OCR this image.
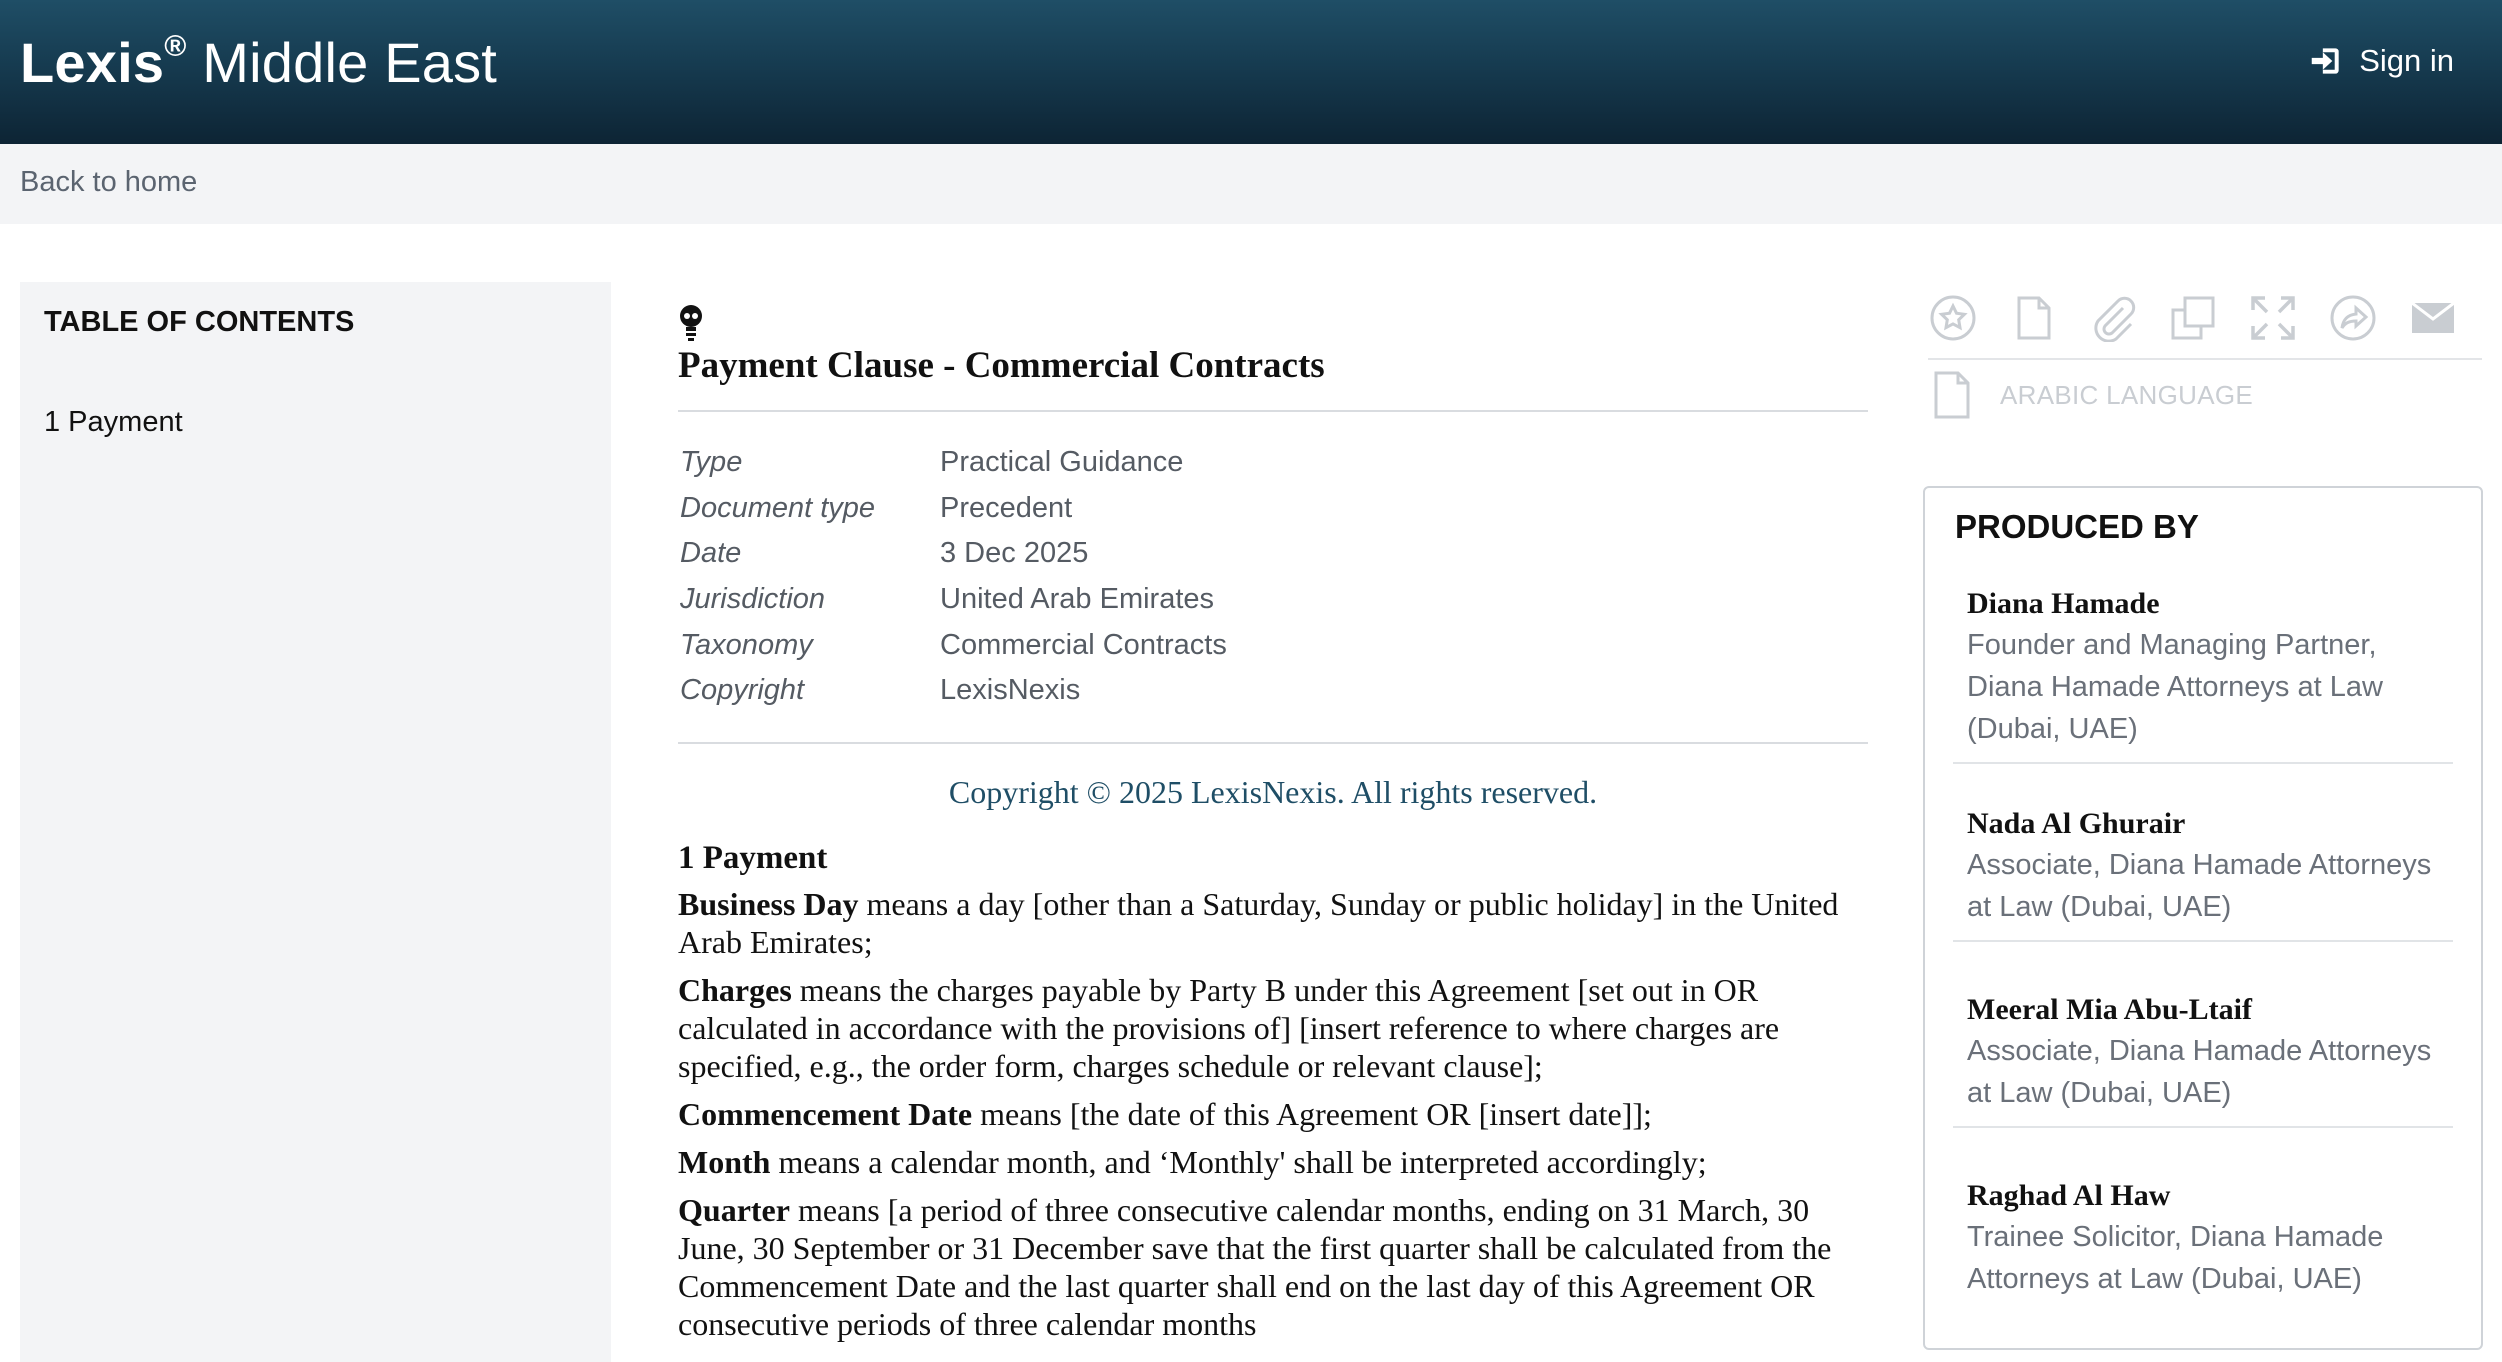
Lexis® Middle East	Sign in
Back to home
TABLE OF CONTENTS
1 Payment
Payment Clause - Commercial Contracts
Type	Practical Guidance
Document type	Precedent
Date	3 Dec 2025
Jurisdiction	United Arab Emirates
Taxonomy	Commercial Contracts
Copyright	LexisNexis
Copyright © 2025 LexisNexis. All rights reserved.
1 Payment

Business Day means a day [other than a Saturday, Sunday or public holiday] in the United Arab Emirates;

Charges means the charges payable by Party B under this Agreement [set out in OR calculated in accordance with the provisions of] [insert reference to where charges are specified, e.g., the order form, charges schedule or relevant clause];

Commencement Date means [the date of this Agreement OR [insert date]];

Month means a calendar month, and ‘Monthly' shall be interpreted accordingly;

Quarter means [a period of three consecutive calendar months, ending on 31 March, 30 June, 30 September or 31 December save that the first quarter shall be calculated from the Commencement Date and the last quarter shall end on the last day of this Agreement OR consecutive periods of three calendar months

ARABIC LANGUAGE
PRODUCED BY
Diana Hamade
Founder and Managing Partner, Diana Hamade Attorneys at Law (Dubai, UAE)
Nada Al Ghurair
Associate, Diana Hamade Attorneys at Law (Dubai, UAE)
Meeral Mia Abu-Ltaif
Associate, Diana Hamade Attorneys at Law (Dubai, UAE)
Raghad Al Haw
Trainee Solicitor, Diana Hamade Attorneys at Law (Dubai, UAE)
